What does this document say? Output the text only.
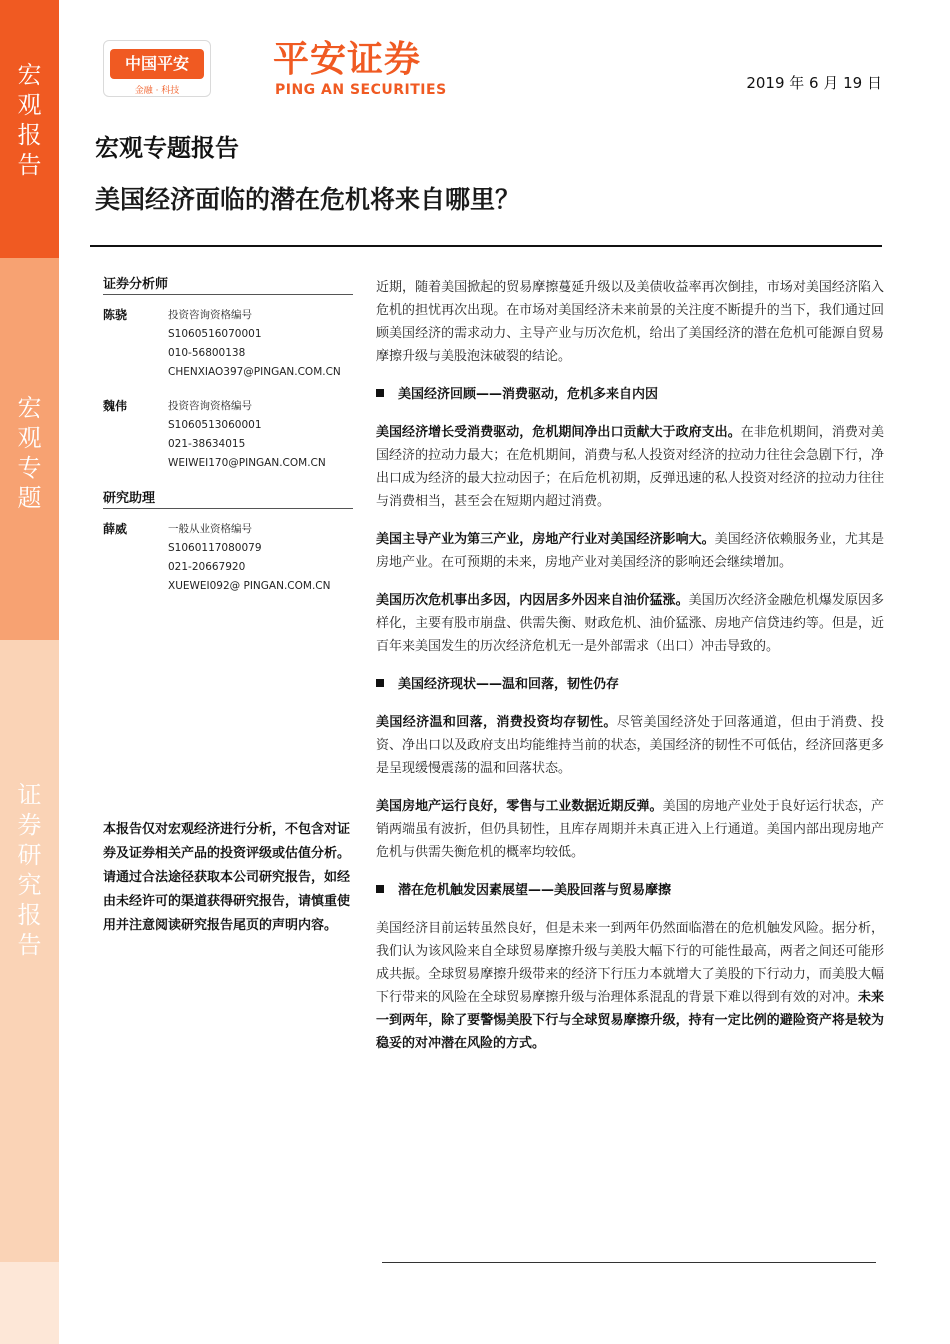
宏观报告
宏观专题
证券研究报告
中国平安
金融 · 科技
平安证券
PING AN SECURITIES	2019 年 6 月 19 日
宏观专题报告
美国经济面临的潜在危机将来自哪里？
证券分析师
陈骁	投资咨询资格编号
S1060516070001
010-56800138
CHENXIAO397@PINGAN.COM.CN
魏伟	投资咨询资格编号
S1060513060001
021-38634015
WEIWEI170@PINGAN.COM.CN
研究助理
薛威	一般从业资格编号
S1060117080079
021-20667920
XUEWEI092@ PINGAN.COM.CN
本报告仅对宏观经济进行分析，不包含对证券及证券相关产品的投资评级或估值分析。
请通过合法途径获取本公司研究报告，如经由未经许可的渠道获得研究报告，请慎重使用并注意阅读研究报告尾页的声明内容。

近期，随着美国掀起的贸易摩擦蔓延升级以及美债收益率再次倒挂，市场对美国经济陷入危机的担忧再次出现。在市场对美国经济未来前景的关注度不断提升的当下，我们通过回顾美国经济的需求动力、主导产业与历次危机，给出了美国经济的潜在危机可能源自贸易摩擦升级与美股泡沫破裂的结论。

美国经济回顾——消费驱动，危机多来自内因

美国经济增长受消费驱动，危机期间净出口贡献大于政府支出。在非危机期间，消费对美国经济的拉动力最大；在危机期间，消费与私人投资对经济的拉动力往往会急剧下行，净出口成为经济的最大拉动因子；在后危机初期，反弹迅速的私人投资对经济的拉动力往往与消费相当，甚至会在短期内超过消费。

美国主导产业为第三产业，房地产行业对美国经济影响大。美国经济依赖服务业，尤其是房地产业。在可预期的未来，房地产业对美国经济的影响还会继续增加。

美国历次危机事出多因，内因居多外因来自油价猛涨。美国历次经济金融危机爆发原因多样化，主要有股市崩盘、供需失衡、财政危机、油价猛涨、房地产信贷违约等。但是，近百年来美国发生的历次经济危机无一是外部需求（出口）冲击导致的。

美国经济现状——温和回落，韧性仍存

美国经济温和回落，消费投资均存韧性。尽管美国经济处于回落通道，但由于消费、投资、净出口以及政府支出均能维持当前的状态，美国经济的韧性不可低估，经济回落更多是呈现缓慢震荡的温和回落状态。

美国房地产运行良好，零售与工业数据近期反弹。美国的房地产业处于良好运行状态，产销两端虽有波折，但仍具韧性，且库存周期并未真正进入上行通道。美国内部出现房地产危机与供需失衡危机的概率均较低。

潜在危机触发因素展望——美股回落与贸易摩擦

美国经济目前运转虽然良好，但是未来一到两年仍然面临潜在的危机触发风险。据分析，我们认为该风险来自全球贸易摩擦升级与美股大幅下行的可能性最高，两者之间还可能形成共振。全球贸易摩擦升级带来的经济下行压力本就增大了美股的下行动力，而美股大幅下行带来的风险在全球贸易摩擦升级与治理体系混乱的背景下难以得到有效的对冲。未来一到两年，除了要警惕美股下行与全球贸易摩擦升级，持有一定比例的避险资产将是较为稳妥的对冲潜在风险的方式。
